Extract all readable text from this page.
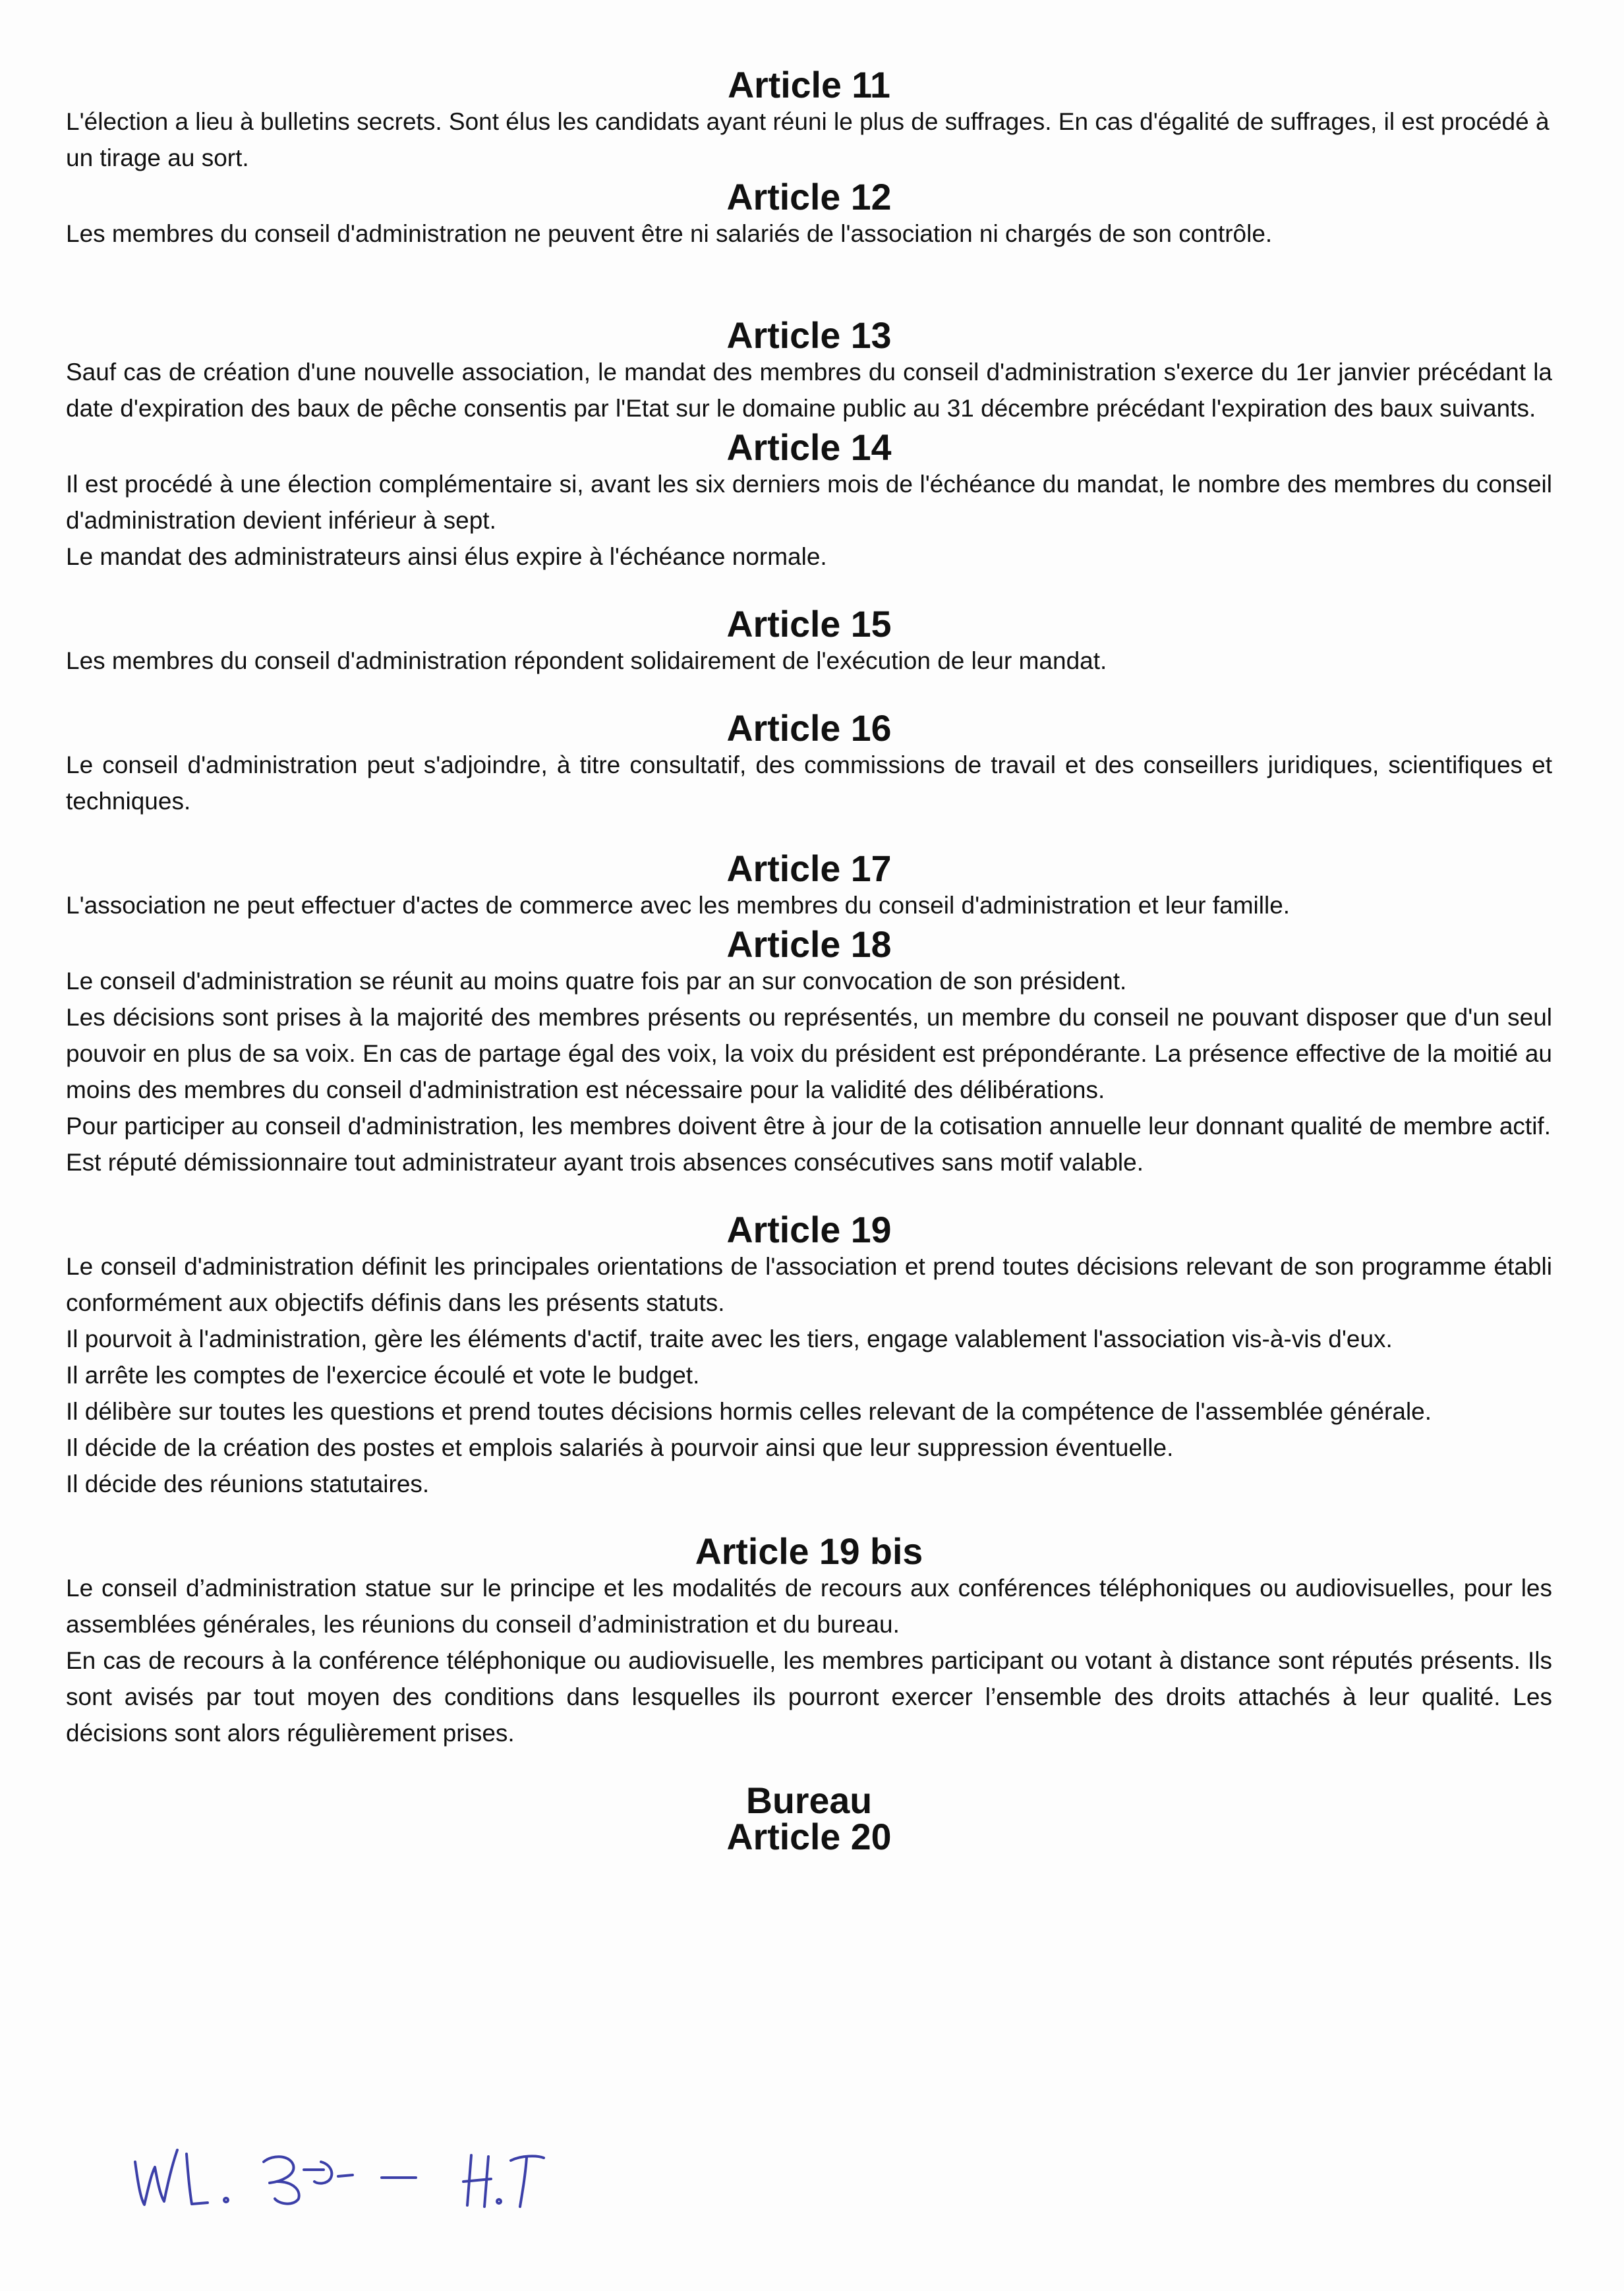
Article 11

L'élection a lieu à bulletins secrets. Sont élus les candidats ayant réuni le plus de suffrages. En cas d'égalité de suffrages, il est procédé à un tirage au sort.

Article 12

Les membres du conseil d'administration ne peuvent être ni salariés de l'association ni chargés de son contrôle.

Article 13

Sauf cas de création d'une nouvelle association, le mandat des membres du conseil d'administration s'exerce du 1er janvier précédant la date d'expiration des baux de pêche consentis par l'Etat sur le domaine public au 31 décembre précédant l'expiration des baux suivants.

Article 14

Il est procédé à une élection complémentaire si, avant les six derniers mois de l'échéance du mandat, le nombre des membres du conseil d'administration devient inférieur à sept.

Le mandat des administrateurs ainsi élus expire à l'échéance normale.

Article 15

Les membres du conseil d'administration répondent solidairement de l'exécution de leur mandat.

Article 16

Le conseil d'administration peut s'adjoindre, à titre consultatif, des commissions de travail et des conseillers juridiques, scientifiques et techniques.

Article 17

L'association ne peut effectuer d'actes de commerce avec les membres du conseil d'administration et leur famille.

Article 18

Le conseil d'administration se réunit au moins quatre fois par an sur convocation de son président.

Les décisions sont prises à la majorité des membres présents ou représentés, un membre du conseil ne pouvant disposer que d'un seul pouvoir en plus de sa voix. En cas de partage égal des voix, la voix du président est prépondérante. La présence effective de la moitié au moins des membres du conseil d'administration est nécessaire pour la validité des délibérations.

Pour participer au conseil d'administration, les membres doivent être à jour de la cotisation annuelle leur donnant qualité de membre actif.

Est réputé démissionnaire tout administrateur ayant trois absences consécutives sans motif valable.

Article 19

Le conseil d'administration définit les principales orientations de l'association et prend toutes décisions relevant de son programme établi conformément aux objectifs définis dans les présents statuts.

Il pourvoit à l'administration, gère les éléments d'actif, traite avec les tiers, engage valablement l'association vis-à-vis d'eux.

Il arrête les comptes de l'exercice écoulé et vote le budget.

Il délibère sur toutes les questions et prend toutes décisions hormis celles relevant de la compétence de l'assemblée générale.

Il décide de la création des postes et emplois salariés à pourvoir ainsi que leur suppression éventuelle.

Il décide des réunions statutaires.

Article 19 bis

Le conseil d’administration statue sur le principe et les modalités de recours aux conférences téléphoniques ou audiovisuelles, pour les assemblées générales, les réunions du conseil d’administration et du bureau.

En cas de recours à la conférence téléphonique ou audiovisuelle, les membres participant ou votant à distance sont réputés présents. Ils sont avisés par tout moyen des conditions dans lesquelles ils pourront exercer l’ensemble des droits attachés à leur qualité. Les décisions sont alors régulièrement prises.

Bureau
Article 20
